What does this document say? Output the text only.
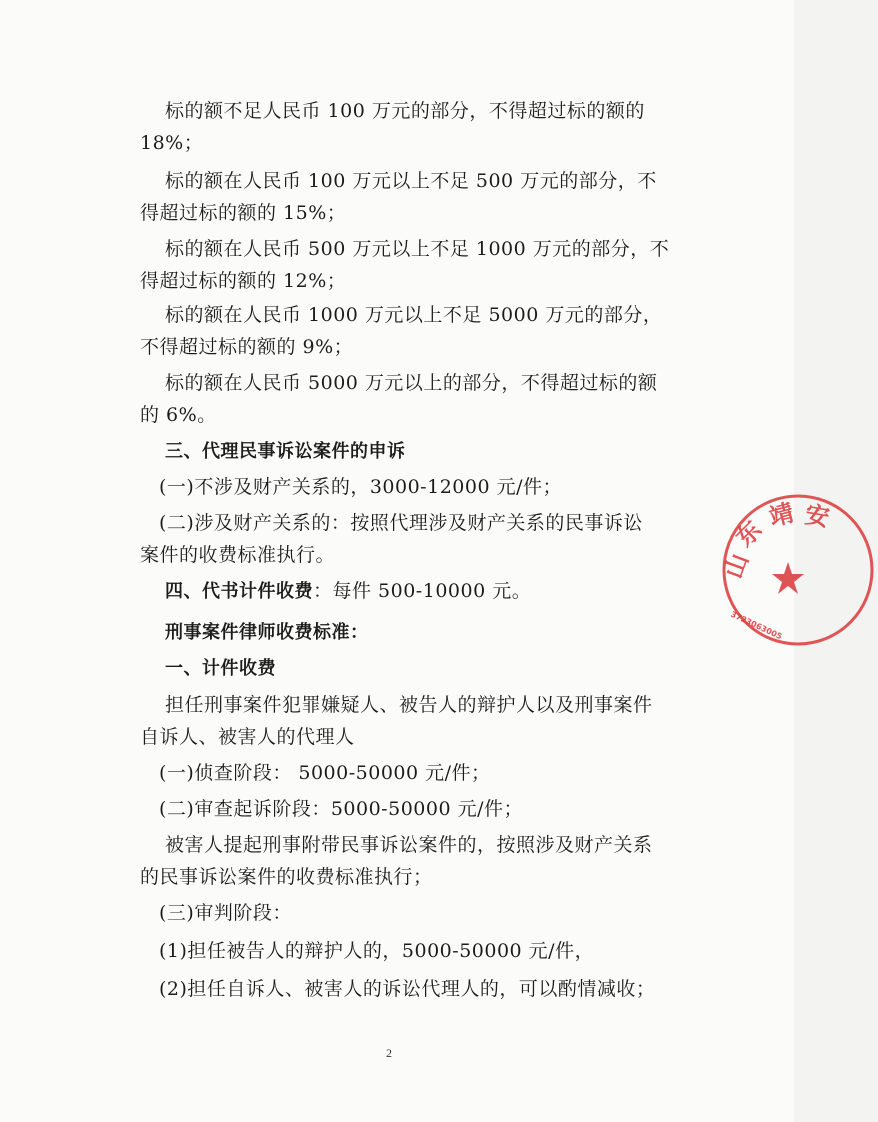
标的额不足人民币 100 万元的部分，不得超过标的额的
18%；
标的额在人民币 100 万元以上不足 500 万元的部分，不
得超过标的额的 15%；
标的额在人民币 500 万元以上不足 1000 万元的部分，不
得超过标的额的 12%；
标的额在人民币 1000 万元以上不足 5000 万元的部分，
不得超过标的额的 9%；
标的额在人民币 5000 万元以上的部分，不得超过标的额
的 6%。
三、代理民事诉讼案件的申诉
(一)不涉及财产关系的，3000-12000 元/件；
(二)涉及财产关系的：按照代理涉及财产关系的民事诉讼
案件的收费标准执行。
四、代书计件收费：每件 500-10000 元。
刑事案件律师收费标准：
一、计件收费
担任刑事案件犯罪嫌疑人、被告人的辩护人以及刑事案件
自诉人、被害人的代理人
(一)侦查阶段： 5000-50000 元/件；
(二)审查起诉阶段：5000-50000 元/件；
被害人提起刑事附带民事诉讼案件的，按照涉及财产关系
的民事诉讼案件的收费标准执行；
(三)审判阶段：
(1)担任被告人的辩护人的，5000-50000 元/件，
(2)担任自诉人、被害人的诉讼代理人的，可以酌情减收；
2
山
东
靖 安
3723063005
